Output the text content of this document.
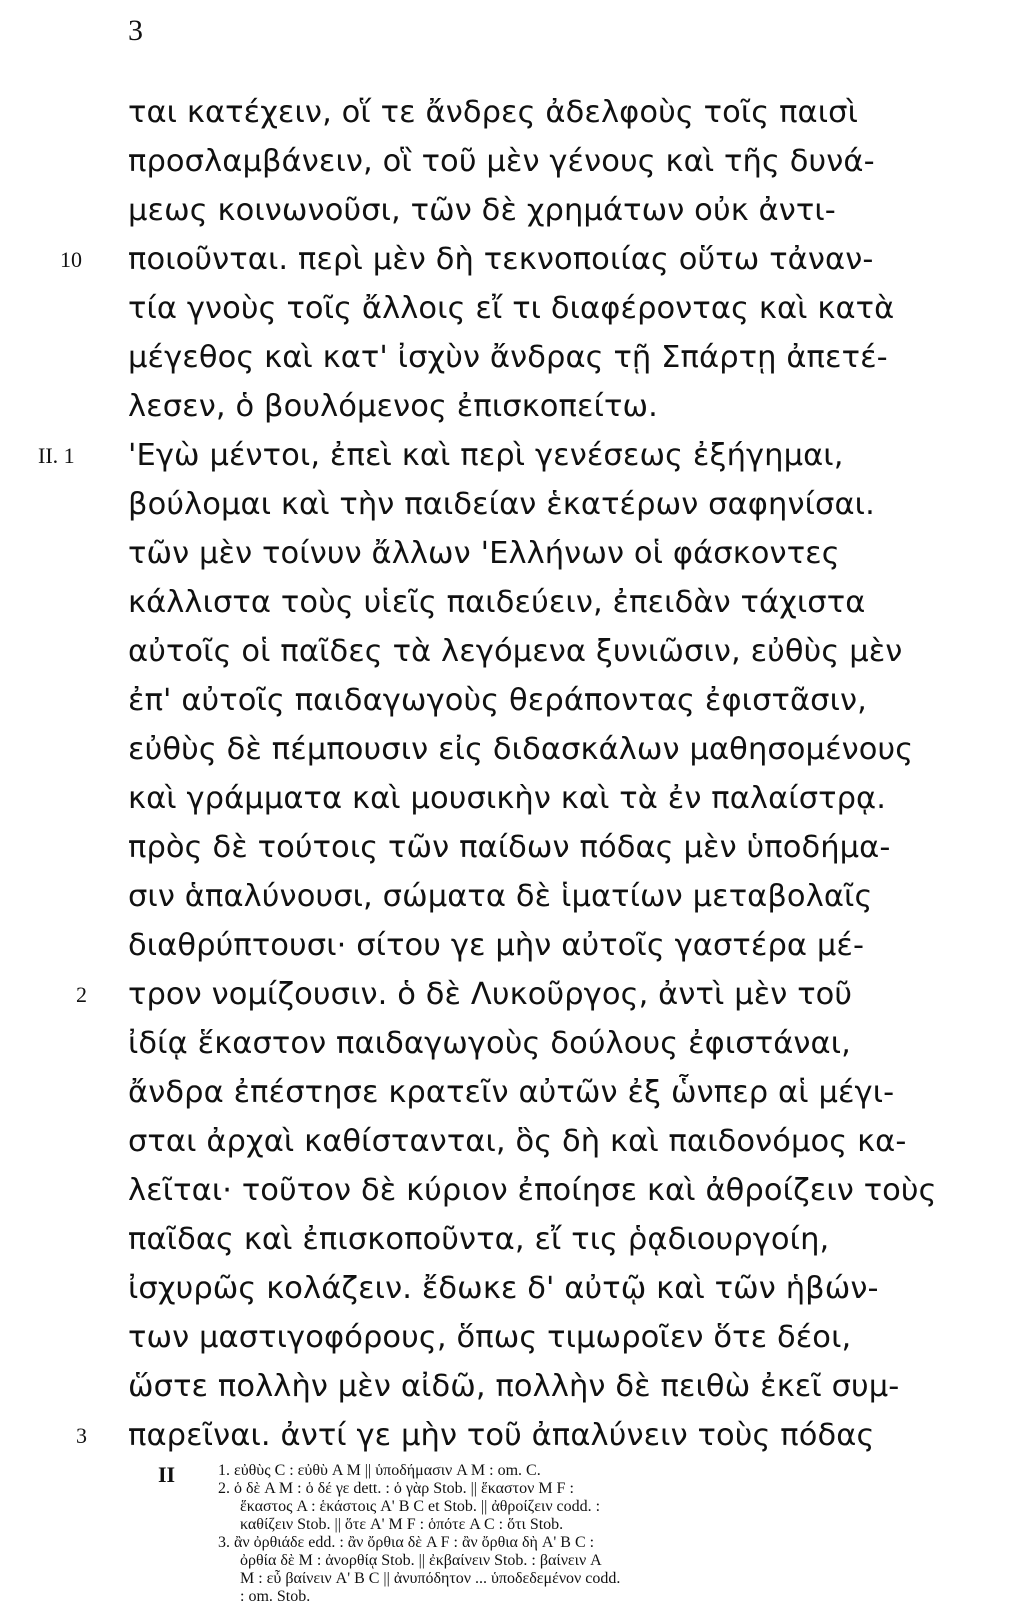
3
ται κατέχειν, οἵ τε ἄνδρες ἀδελφοὺς τοῖς παισὶ
προσλαμβάνειν, οἳ τοῦ μὲν γένους καὶ τῆς δυνά-
μεως κοινωνοῦσι, τῶν δὲ χρημάτων οὐκ ἀντι-
ποιοῦνται. περὶ μὲν δὴ τεκνοποιίας οὕτω τἀναν-
τία γνοὺς τοῖς ἄλλοις εἴ τι διαφέροντας καὶ κατὰ
μέγεθος καὶ κατ' ἰσχὺν ἄνδρας τῇ Σπάρτῃ ἀπετέ-
λεσεν, ὁ βουλόμενος ἐπισκοπείτω.
'Εγὼ μέντοι, ἐπεὶ καὶ περὶ γενέσεως ἐξήγημαι,
βούλομαι καὶ τὴν παιδείαν ἑκατέρων σαφηνίσαι.
τῶν μὲν τοίνυν ἄλλων 'Ελλήνων οἱ φάσκοντες
κάλλιστα τοὺς υἱεῖς παιδεύειν, ἐπειδὰν τάχιστα
αὐτοῖς οἱ παῖδες τὰ λεγόμενα ξυνιῶσιν, εὐθὺς μὲν
ἐπ' αὐτοῖς παιδαγωγοὺς θεράποντας ἐφιστᾶσιν,
εὐθὺς δὲ πέμπουσιν εἰς διδασκάλων μαθησομένους
καὶ γράμματα καὶ μουσικὴν καὶ τὰ ἐν παλαίστρᾳ.
πρὸς δὲ τούτοις τῶν παίδων πόδας μὲν ὑποδήμα-
σιν ἁπαλύνουσι, σώματα δὲ ἱματίων μεταβολαῖς
διαθρύπτουσι· σίτου γε μὴν αὐτοῖς γαστέρα μέ-
τρον νομίζουσιν. ὁ δὲ Λυκοῦργος, ἀντὶ μὲν τοῦ
ἰδίᾳ ἕκαστον παιδαγωγοὺς δούλους ἐφιστάναι,
ἄνδρα ἐπέστησε κρατεῖν αὐτῶν ἐξ ὧνπερ αἱ μέγι-
σται ἀρχαὶ καθίστανται, ὃς δὴ καὶ παιδονόμος κα-
λεῖται· τοῦτον δὲ κύριον ἐποίησε καὶ ἀθροίζειν τοὺς
παῖδας καὶ ἐπισκοποῦντα, εἴ τις ῥᾳδιουργοίη,
ἰσχυρῶς κολάζειν. ἔδωκε δ' αὐτῷ καὶ τῶν ἡβών-
των μαστιγοφόρους, ὅπως τιμωροῖεν ὅτε δέοι,
ὥστε πολλὴν μὲν αἰδῶ, πολλὴν δὲ πειθὼ ἐκεῖ συμ-
παρεῖναι. ἀντί γε μὴν τοῦ ἀπαλύνειν τοὺς πόδας
10
II. 1
2
3
II	1. εὐθὺς C : εὐθὺ A M || ὑποδήμασιν A M : om. C.
2. ὁ δὲ A M : ὁ δέ γε dett. : ὁ γὰρ Stob. || ἕκαστον M F :
ἕκαστος A : ἑκάστοις A' B C et Stob. || ἀθροίζειν codd. :
καθίζειν Stob. || ὅτε A' M F : ὁπότε A C : ὅτι Stob.
3. ἂν ὀρθιάδε edd. : ἂν ὄρθια δὲ A F : ἂν ὄρθια δὴ A' B C :
ὀρθία δὲ M : ἀνορθίᾳ Stob. || ἐκβαίνειν Stob. : βαίνειν A
M : εὖ βαίνειν A' B C || ἀνυπόδητον ... ὑποδεδεμένον codd.
: om. Stob.
